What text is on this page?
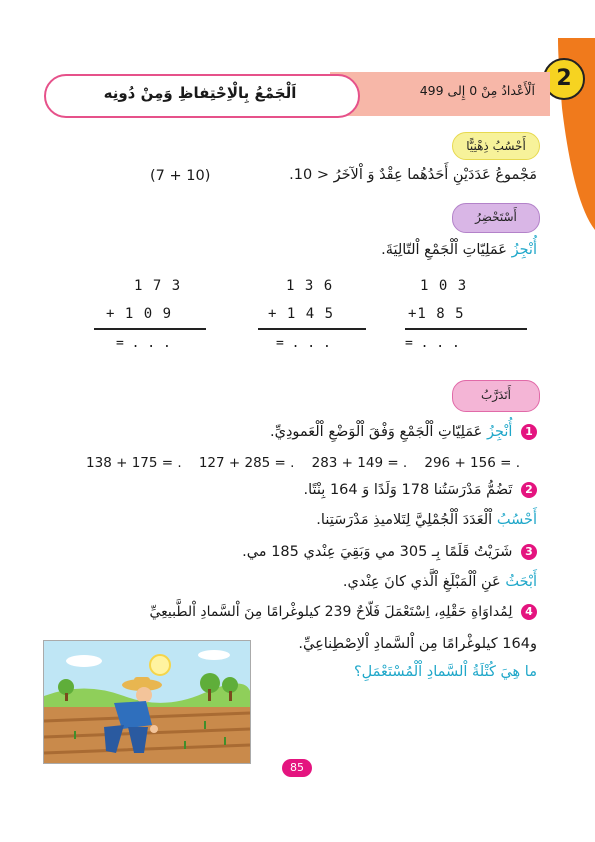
2
اَلْأَعْدادُ مِنْ 0 إِلى 499
اَلْجَمْعُ بِالْاِحْتِفاظِ وَمِنْ دُونِه
أَحْسُبُ ذِهْنِيًّا
مَجْموعُ عَدَدَيْنِ أَحَدُهُما عِقْدٌ وَ اْلآخَرُ < 10.
(7 + 10)
أَسْتَحْضِرُ
أُنْجِزُ عَمَلِيّاتِ اْلْجَمْعِ اْلتّالِيَةَ.
1 0 3
+1 8 5
= . . .
1 3 6
+ 1 4 5
= . . .
1 7 3
+ 1 0 9
= . . .
أَتَدَرَّبُ
1 أُنْجِزُ عَمَلِيّاتِ اْلْجَمْعِ وَفْقَ اْلْوَضْعِ اْلْعَمودِيِّ.
138 + 175 = .    127 + 285 = .    283 + 149 = .    296 + 156 = .
2 تَضُمُّ مَدْرَسَتُنا 178 وَلَدًا وَ 164 بِنْتًا.
أَحْسُبُ اْلْعَدَدَ اْلْجُمْلِيَّ لِتَلاميذِ مَدْرَسَتِنا.
3 شَرَيْتُ قَلَمًا بِـ 305 مي وَبَقِيَ عِنْدي 185 مي.
أَبْحَثُ عَنِ اْلْمَبْلَغِ اْلَّذي كانَ عِنْدي.
4 لِمُداوَاةِ حَقْلِهِ، اِسْتَعْمَلَ فَلّاحٌ 239 كيلوغْرامًا مِنَ اْلسَّمادِ اْلطَّبيعِيِّ
و164 كيلوغْرامًا مِن اْلسَّمادِ اْلاِصْطِناعِيِّ.
ما هِيَ كُتْلَةُ اْلسَّمادِ اْلْمُسْتَعْمَلِ؟
85
